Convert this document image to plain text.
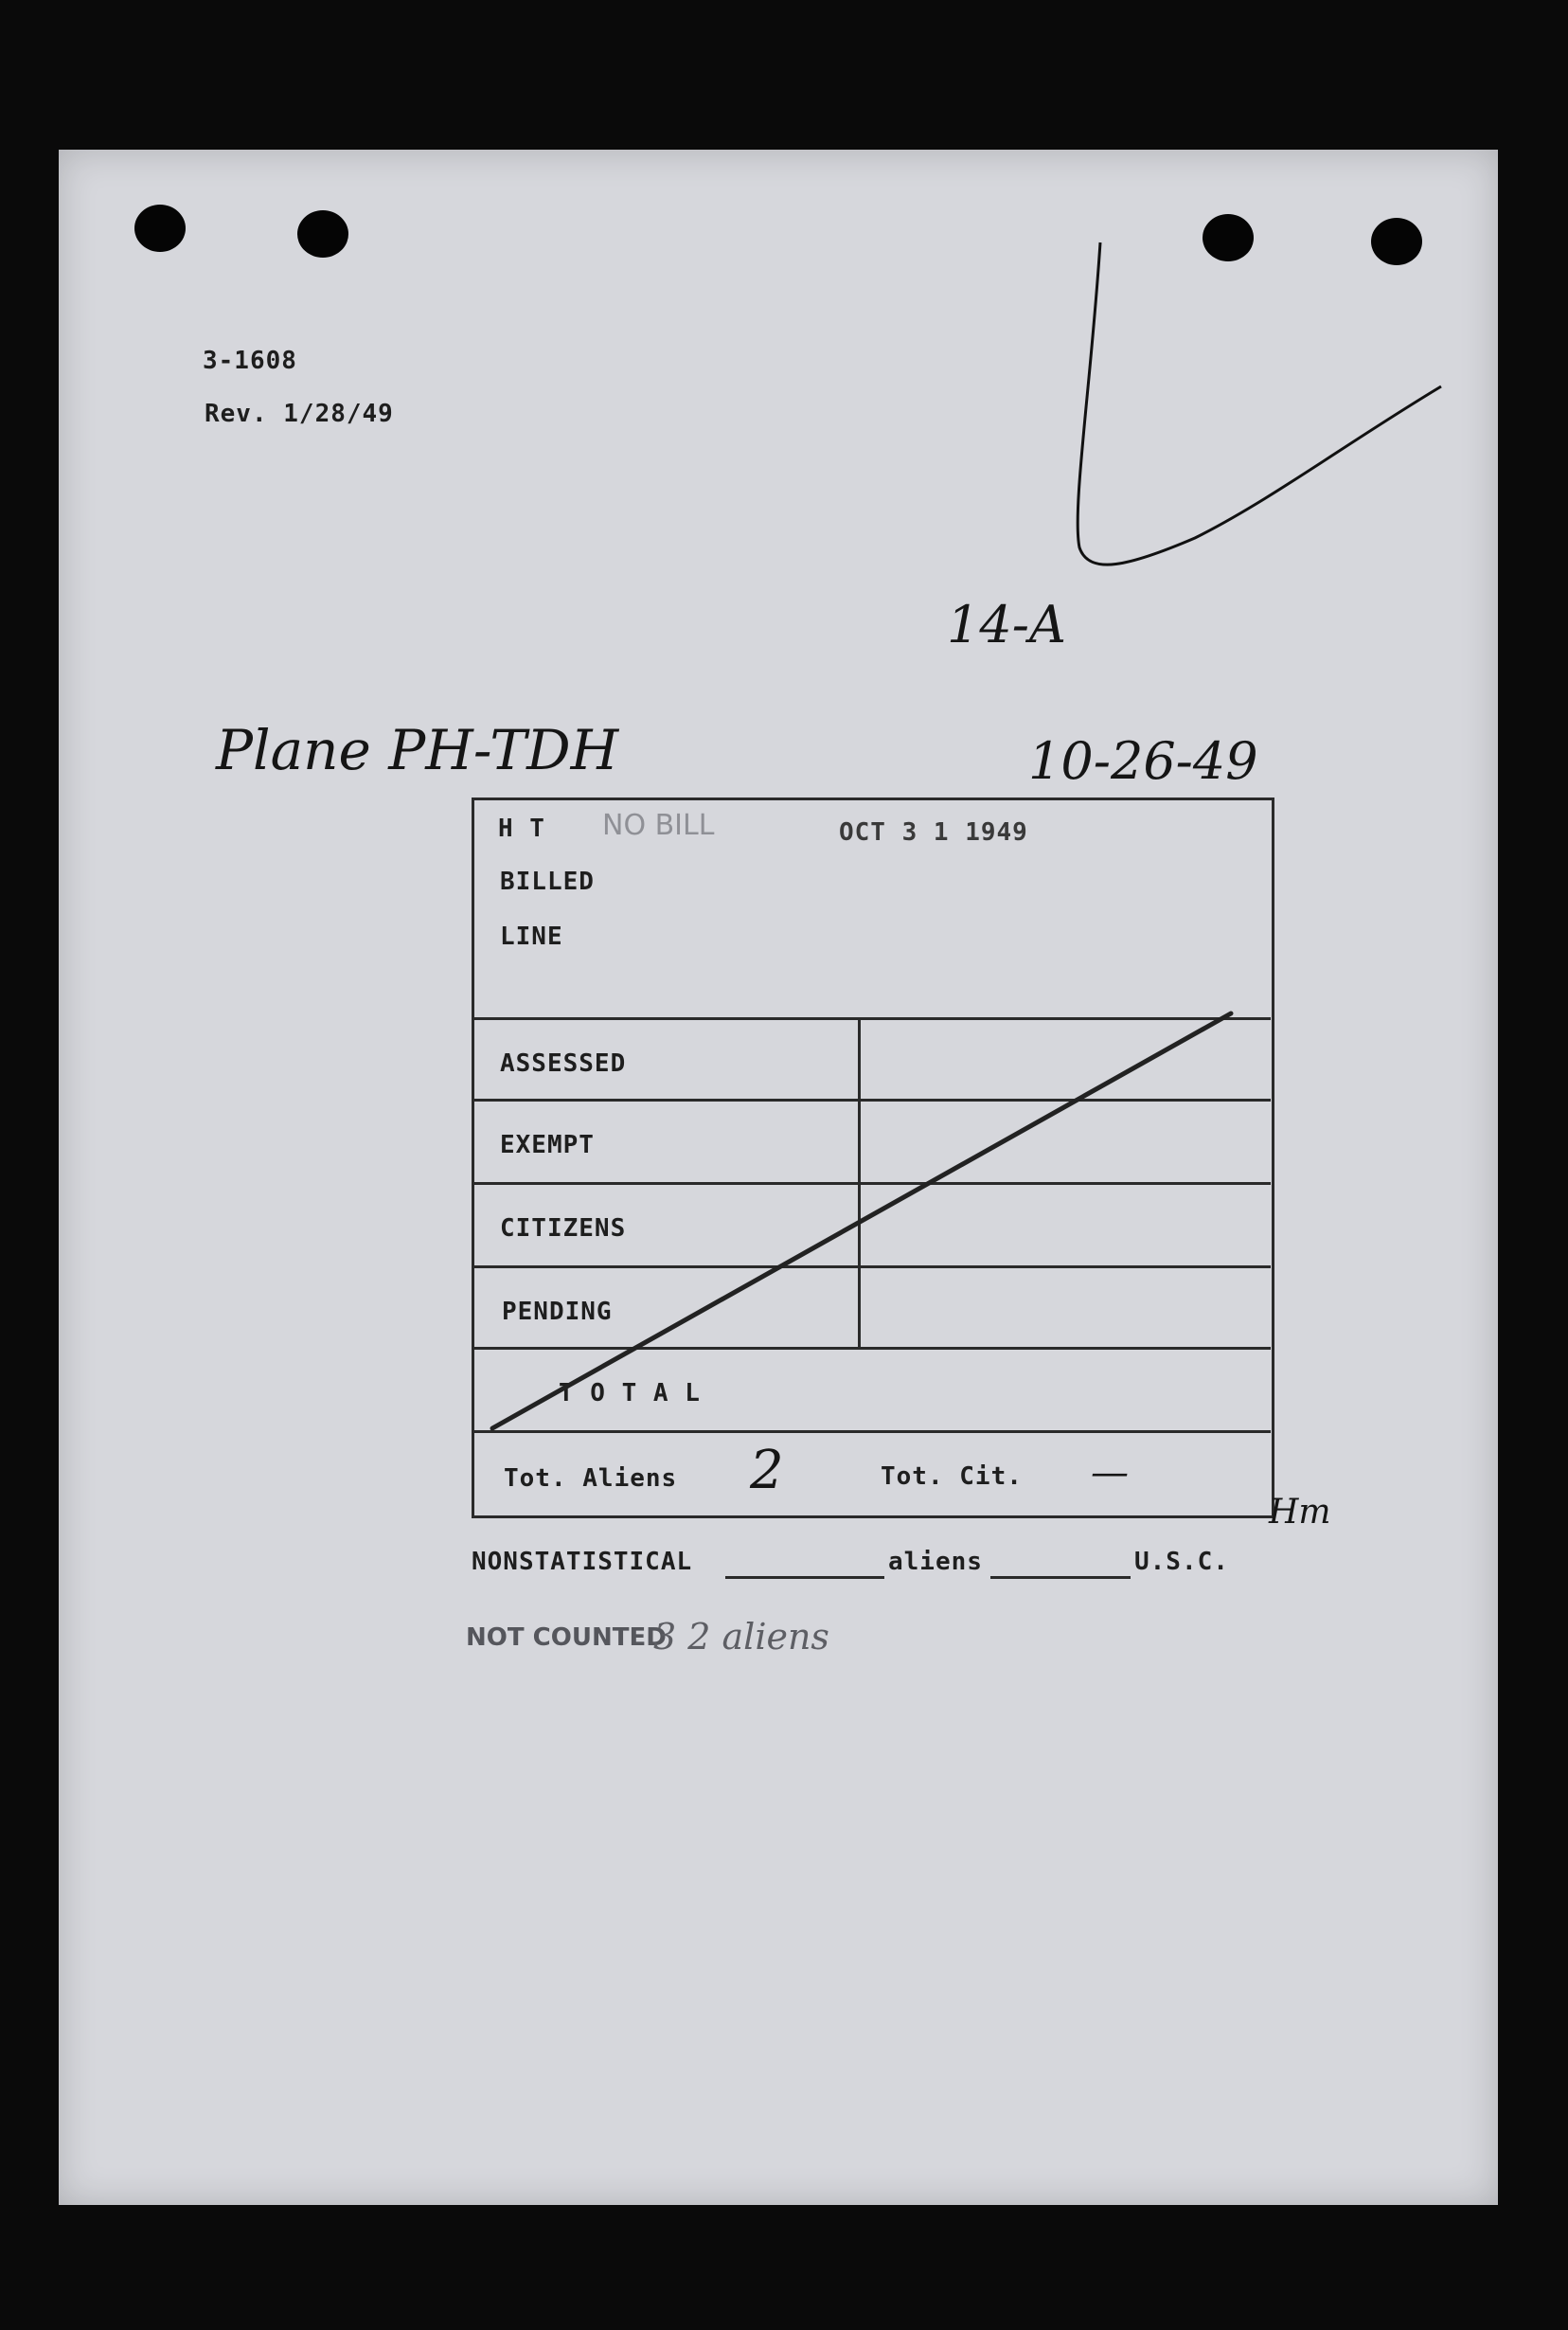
3-1608
Rev. 1/28/49
14-A
Plane PH-TDH	10-26-49
H T NO BILL	OCT 3 1 1949
BILLED
LINE
ASSESSED
EXEMPT
CITIZENS
PENDING
T O T A L
Tot. Aliens 2	Tot. Cit. —
Hm
NONSTATISTICAL	aliens	U.S.C.
NOT COUNTED
3 2 aliens
